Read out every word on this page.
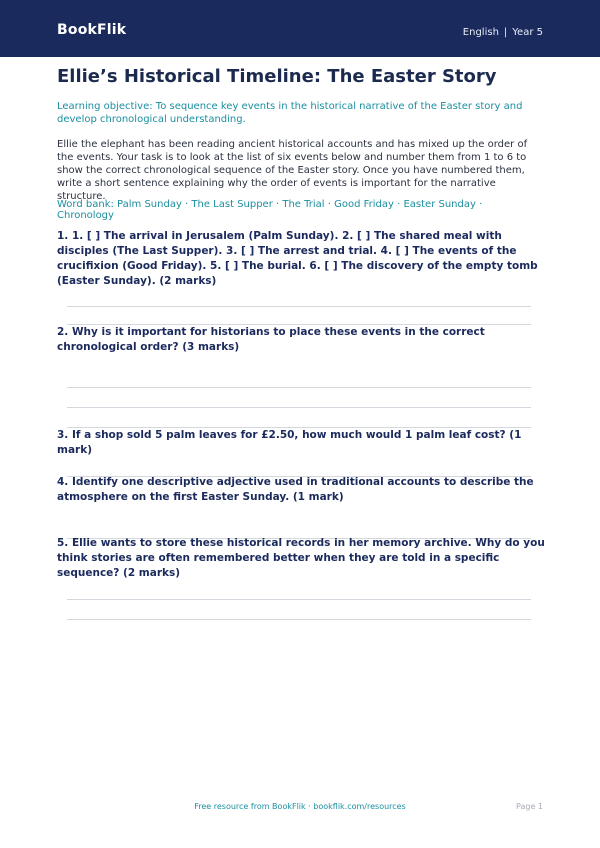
BookFlik	English | Year 5
Ellie’s Historical Timeline: The Easter Story
Learning objective: To sequence key events in the historical narrative of the Easter story and develop chronological understanding.
Ellie the elephant has been reading ancient historical accounts and has mixed up the order of the events. Your task is to look at the list of six events below and number them from 1 to 6 to show the correct chronological sequence of the Easter story. Once you have numbered them, write a short sentence explaining why the order of events is important for the narrative structure.
Word bank: Palm Sunday · The Last Supper · The Trial · Good Friday · Easter Sunday · Chronology
1. 1. [ ] The arrival in Jerusalem (Palm Sunday). 2. [ ] The shared meal with disciples (The Last Supper). 3. [ ] The arrest and trial. 4. [ ] The events of the crucifixion (Good Friday). 5. [ ] The burial. 6. [ ] The discovery of the empty tomb (Easter Sunday). (2 marks)
2. Why is it important for historians to place these events in the correct chronological order? (3 marks)
3. If a shop sold 5 palm leaves for £2.50, how much would 1 palm leaf cost? (1 mark)
4. Identify one descriptive adjective used in traditional accounts to describe the atmosphere on the first Easter Sunday. (1 mark)
5. Ellie wants to store these historical records in her memory archive. Why do you think stories are often remembered better when they are told in a specific sequence? (2 marks)
Free resource from BookFlik · bookflik.com/resources	Page 1
